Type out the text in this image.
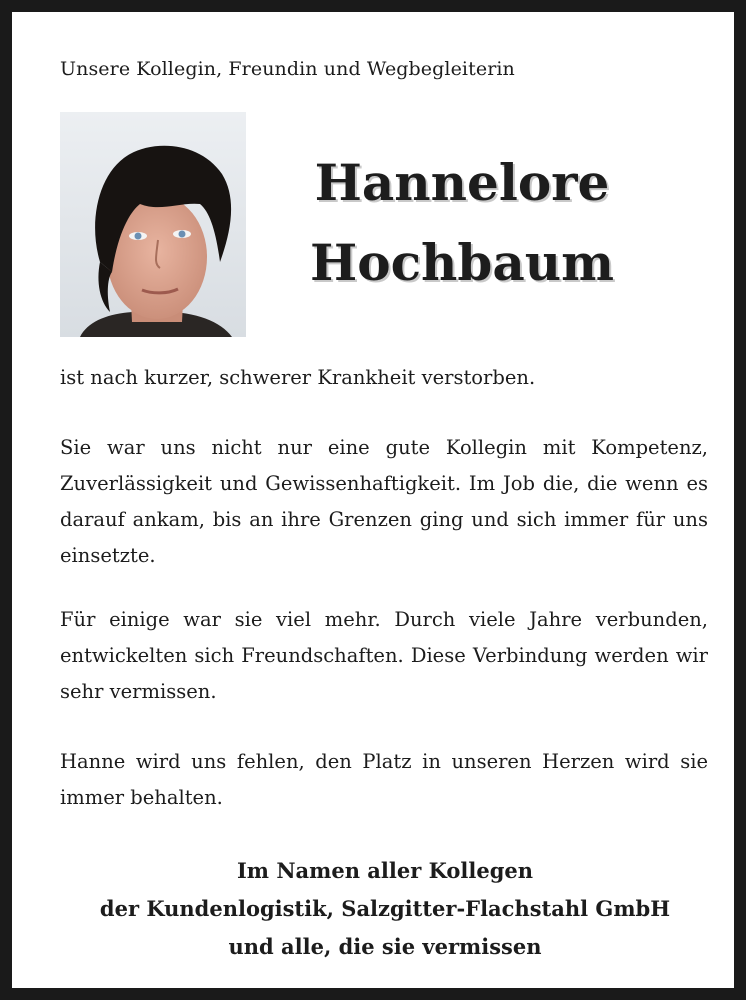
Unsere Kollegin, Freundin und Wegbegleiterin
Hannelore
Hochbaum

ist nach kurzer, schwerer Krankheit verstorben.

Sie war uns nicht nur eine gute Kollegin mit Kompetenz, Zuverlässigkeit und Gewissenhaftigkeit. Im Job die, die wenn es darauf ankam, bis an ihre Grenzen ging und sich immer für uns einsetzte.

Für einige war sie viel mehr. Durch viele Jahre verbunden, entwickelten sich Freundschaften. Diese Verbindung werden wir sehr vermissen.

Hanne wird uns fehlen, den Platz in unseren Herzen wird sie immer behalten.

Im Namen aller Kollegen
der Kundenlogistik, Salzgitter-Flachstahl GmbH
und alle, die sie vermissen
